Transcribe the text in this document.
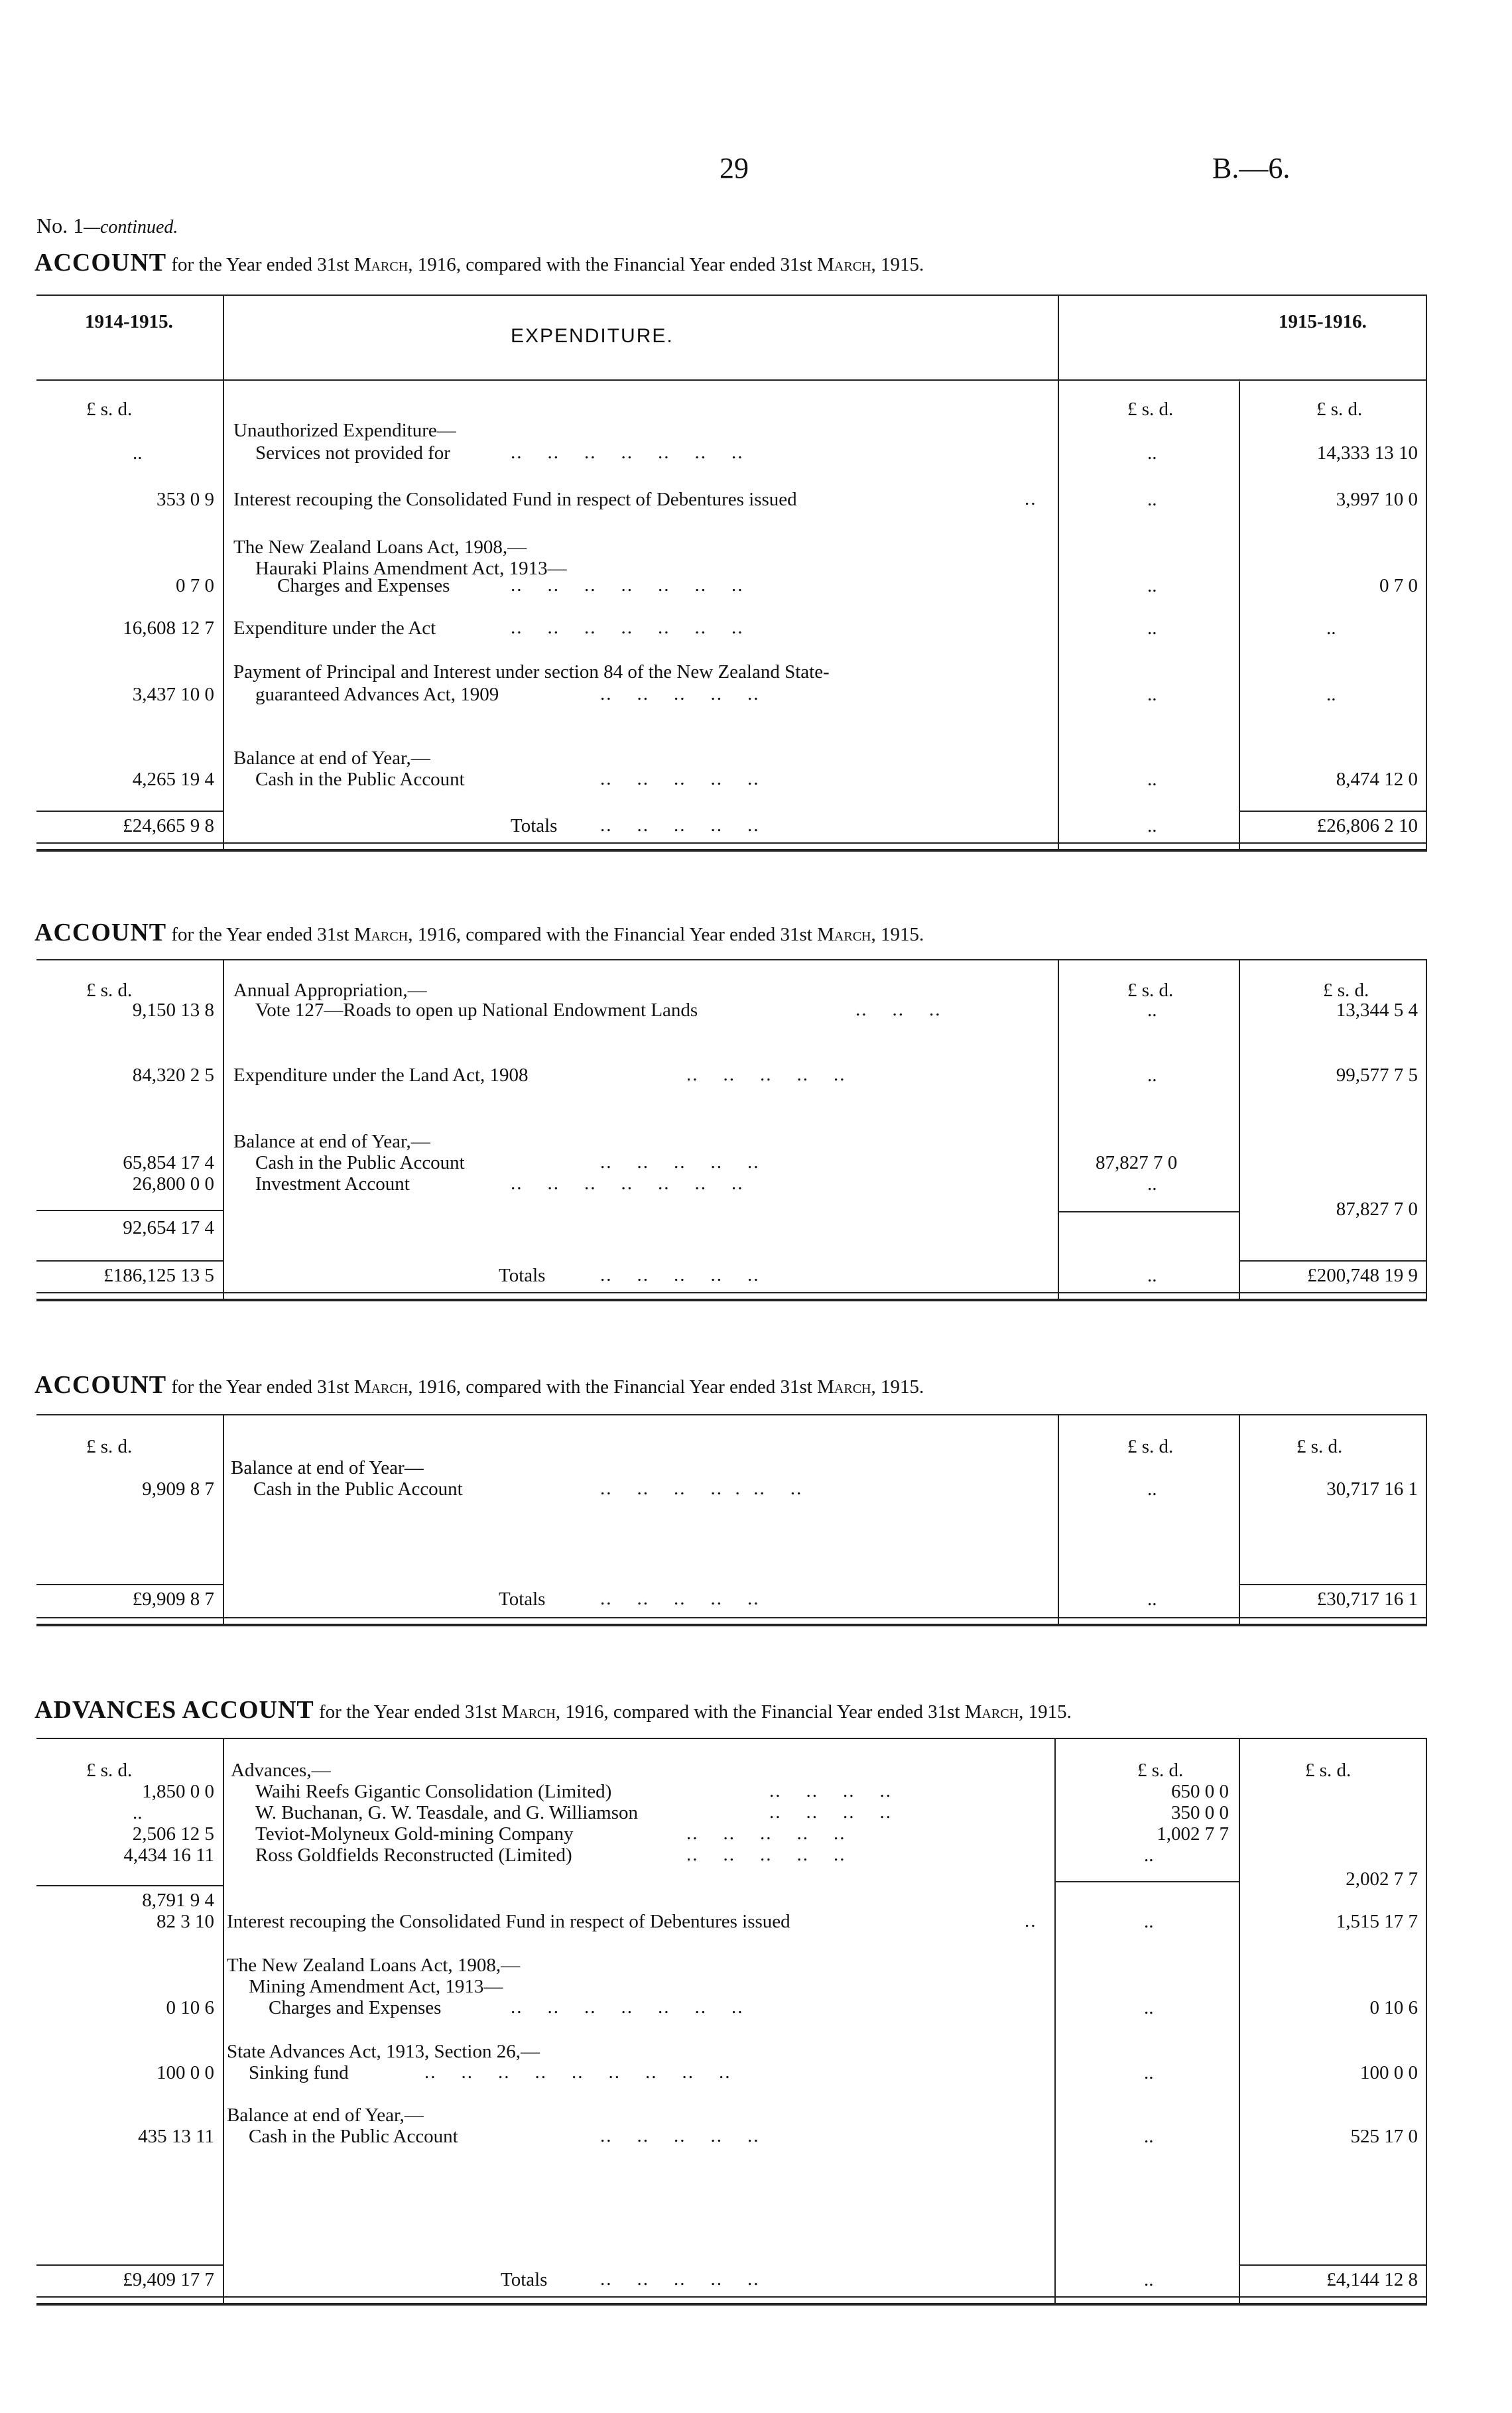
29	B.—6.
No. 1—continued.
ACCOUNT for the Year ended 31st March, 1916, compared with the Financial Year ended 31st March, 1915.
1914-1915.
EXPENDITURE.
1915-1916.
£ s. d.	£ s. d.	£ s. d.
..
Unauthorized Expenditure—
Services not provided for	..    ..    ..    ..    ..    ..    ..	..	14,333 13 10
353 0 9 Interest recouping the Consolidated Fund in respect of Debentures issued	..	..	3,997 10 0
The New Zealand Loans Act, 1908,—
Hauraki Plains Amendment Act, 1913—
0 7 0	Charges and Expenses	..    ..    ..    ..    ..    ..    ..	..	0 7 0
16,608 12 7 Expenditure under the Act	..    ..    ..    ..    ..    ..    ..	..	..
Payment of Principal and Interest under section 84 of the New Zealand State-
3,437 10 0 guaranteed Advances Act, 1909	..    ..    ..    ..    ..	..	..
Balance at end of Year,—
4,265 19 4 Cash in the Public Account	..    ..    ..    ..    ..	..	8,474 12 0
£24,665 9 8	Totals ..    ..    ..    ..    ..	..	£26,806 2 10
ACCOUNT for the Year ended 31st March, 1916, compared with the Financial Year ended 31st March, 1915.
£ s. d.	£ s. d.	£ s. d.
Annual Appropriation,—
9,150 13 8 Vote 127—Roads to open up National Endowment Lands	..    ..    ..	..	13,344 5 4
84,320 2 5 Expenditure under the Land Act, 1908	..    ..    ..    ..    ..	..	99,577 7 5
Balance at end of Year,—
65,854 17 4 Cash in the Public Account	..    ..    ..    ..    ..	87,827 7 0
26,800 0 0 Investment Account	..    ..    ..    ..    ..    ..    ..	..
92,654 17 4
87,827 7 0
£186,125 13 5	Totals	..    ..    ..    ..    ..	..	£200,748 19 9
ACCOUNT for the Year ended 31st March, 1916, compared with the Financial Year ended 31st March, 1915.
£ s. d.	£ s. d.	£ s. d.
Balance at end of Year—
9,909 8 7 Cash in the Public Account	..    ..    ..    ..  .  ..    ..	..	30,717 16 1
£9,909 8 7	Totals	..    ..    ..    ..    ..	..	£30,717 16 1
ADVANCES ACCOUNT for the Year ended 31st March, 1916, compared with the Financial Year ended 31st March, 1915.
£ s. d.	£ s. d.	£ s. d.
Advances,—
1,850 0 0 Waihi Reefs Gigantic Consolidation (Limited)	..    ..    ..    ..	650 0 0
..	W. Buchanan, G. W. Teasdale, and G. Williamson	..    ..    ..    ..	350 0 0
2,506 12 5 Teviot-Molyneux Gold-mining Company	..    ..    ..    ..    ..	1,002 7 7
4,434 16 11 Ross Goldfields Reconstructed (Limited)	..    ..    ..    ..    ..	..
8,791 9 4
2,002 7 7
82 3 10 Interest recouping the Consolidated Fund in respect of Debentures issued	..	..	1,515 17 7
The New Zealand Loans Act, 1908,—
Mining Amendment Act, 1913—
0 10 6	Charges and Expenses	..    ..    ..    ..    ..    ..    ..	..	0 10 6
State Advances Act, 1913, Section 26,—
100 0 0 Sinking fund	..    ..    ..    ..    ..    ..    ..    ..    ..	..	100 0 0
Balance at end of Year,—
435 13 11 Cash in the Public Account	..    ..    ..    ..    ..	..	525 17 0
£9,409 17 7	Totals	..    ..    ..    ..    ..	..	£4,144 12 8
